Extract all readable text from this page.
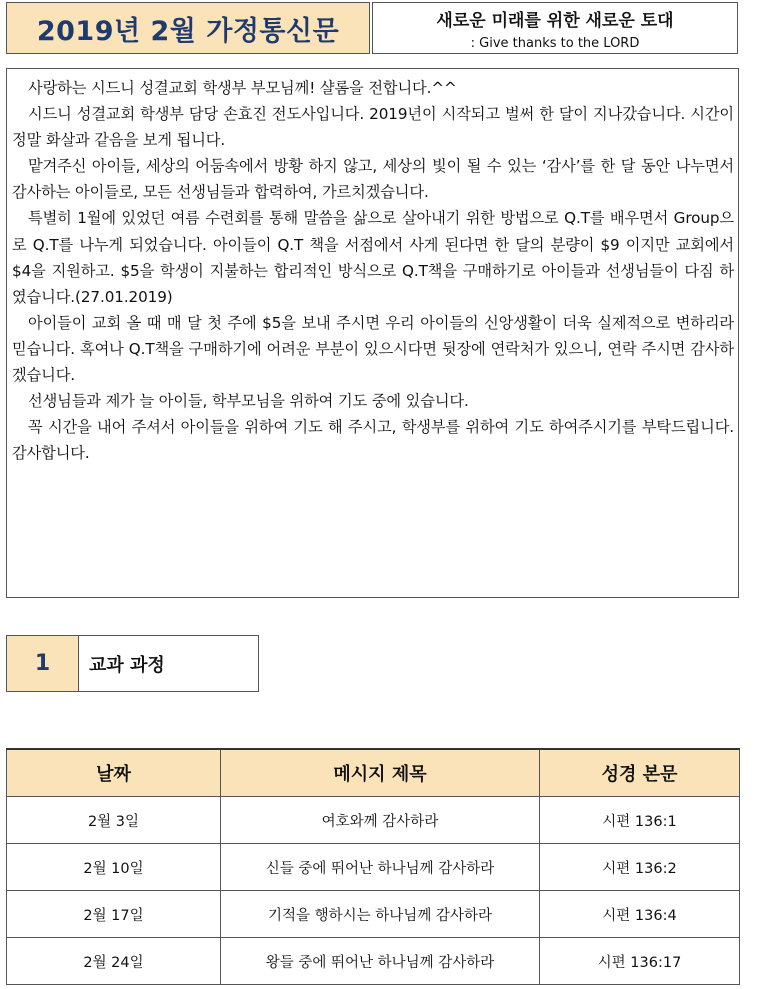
2019년 2월 가정통신문	새로운 미래를 위한 새로운 토대
: Give thanks to the LORD

사랑하는 시드니 성결교회 학생부 부모님께! 샬롬을 전합니다.^^

시드니 성결교회 학생부 담당 손효진 전도사입니다. 2019년이 시작되고 벌써 한 달이 지나갔습니다. 시간이 정말 화살과 같음을 보게 됩니다.

맡겨주신 아이들, 세상의 어둠속에서 방황 하지 않고, 세상의 빛이 될 수 있는 ‘감사’를 한 달 동안 나누면서 감사하는 아이들로, 모든 선생님들과 합력하여, 가르치겠습니다.

특별히 1월에 있었던 여름 수련회를 통해 말씀을 삶으로 살아내기 위한 방법으로 Q.T를 배우면서 Group으로 Q.T를 나누게 되었습니다. 아이들이 Q.T 책을 서점에서 사게 된다면 한 달의 분량이 $9 이지만 교회에서 $4을 지원하고. $5을 학생이 지불하는 합리적인 방식으로 Q.T책을 구매하기로 아이들과 선생님들이 다짐 하였습니다.(27.01.2019)

아이들이 교회 올 때 매 달 첫 주에 $5을 보내 주시면 우리 아이들의 신앙생활이 더욱 실제적으로 변하리라 믿습니다. 혹여나 Q.T책을 구매하기에 어려운 부분이 있으시다면 뒷장에 연락처가 있으니, 연락 주시면 감사하겠습니다.

선생님들과 제가 늘 아이들, 학부모님을 위하여 기도 중에 있습니다.

꼭 시간을 내어 주셔서 아이들을 위하여 기도 해 주시고, 학생부를 위하여 기도 하여주시기를 부탁드립니다. 감사합니다.

1	교과 과정
날짜	메시지 제목	성경 본문
2월 3일	여호와께 감사하라	시편 136:1
2월 10일	신들 중에 뛰어난 하나님께 감사하라	시편 136:2
2월 17일	기적을 행하시는 하나님께 감사하라	시편 136:4
2월 24일	왕들 중에 뛰어난 하나님께 감사하라	시편 136:17
